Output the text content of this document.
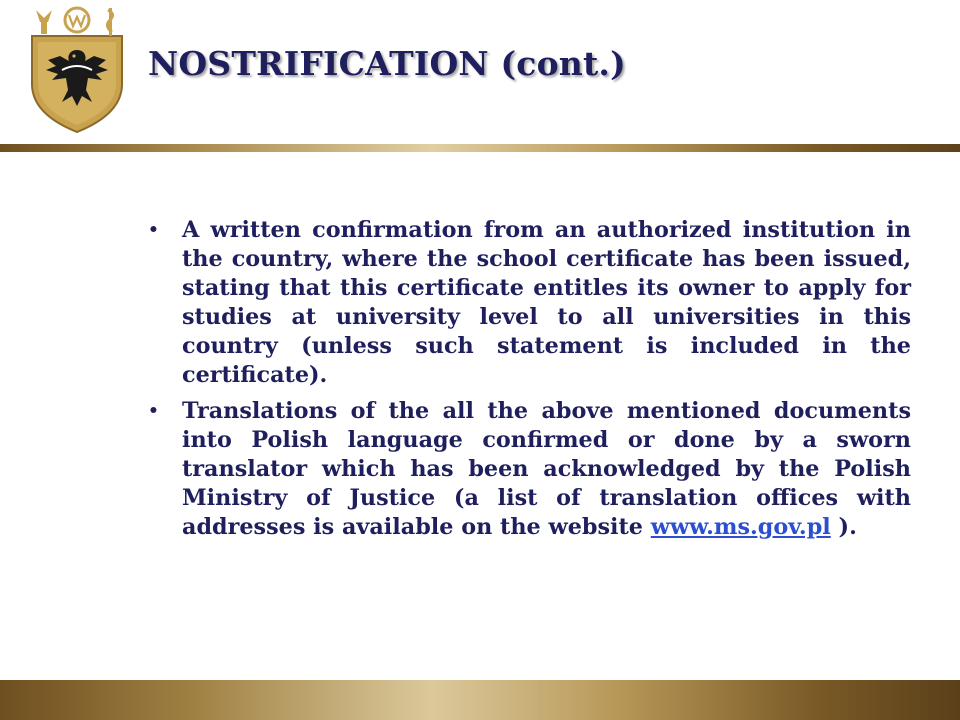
NOSTRIFICATION (cont.)
• A written confirmation from an authorized institution in the country, where the school certificate has been issued, stating that this certificate entitles its owner to apply for studies at university level to all universities in this country (unless such statement is included in the certificate).
• Translations of the all the above mentioned documents into Polish language confirmed or done by a sworn translator which has been acknowledged by the Polish Ministry of Justice (a list of translation offices with addresses is available on the website www.ms.gov.pl ).
